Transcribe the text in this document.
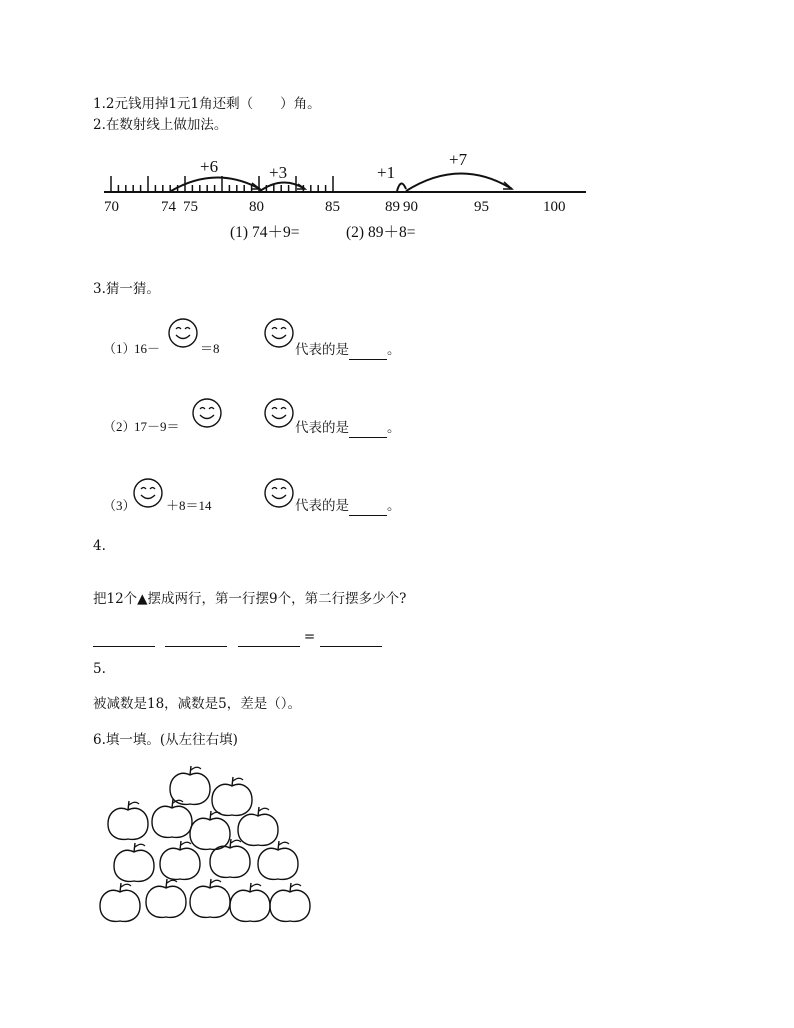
1.2元钱用掉1元1角还剩（　　）角。
2.在数射线上做加法。
+6	+3	+1
+7
70	74 75	80	85	89 90	95	100
(1) 74＋9=	(2) 89＋8=
3.猜一猜。
（1）
16－	＝8	代表的是	。
（2）
17－9＝	代表的是	。
（3） ＋8＝14	代表的是	。
4.
把12个▲摆成两行，第一行摆9个，第二行摆多少个?
=
5.
被减数是18，减数是5，差是（）。
6.填一填。(从左往右填)
